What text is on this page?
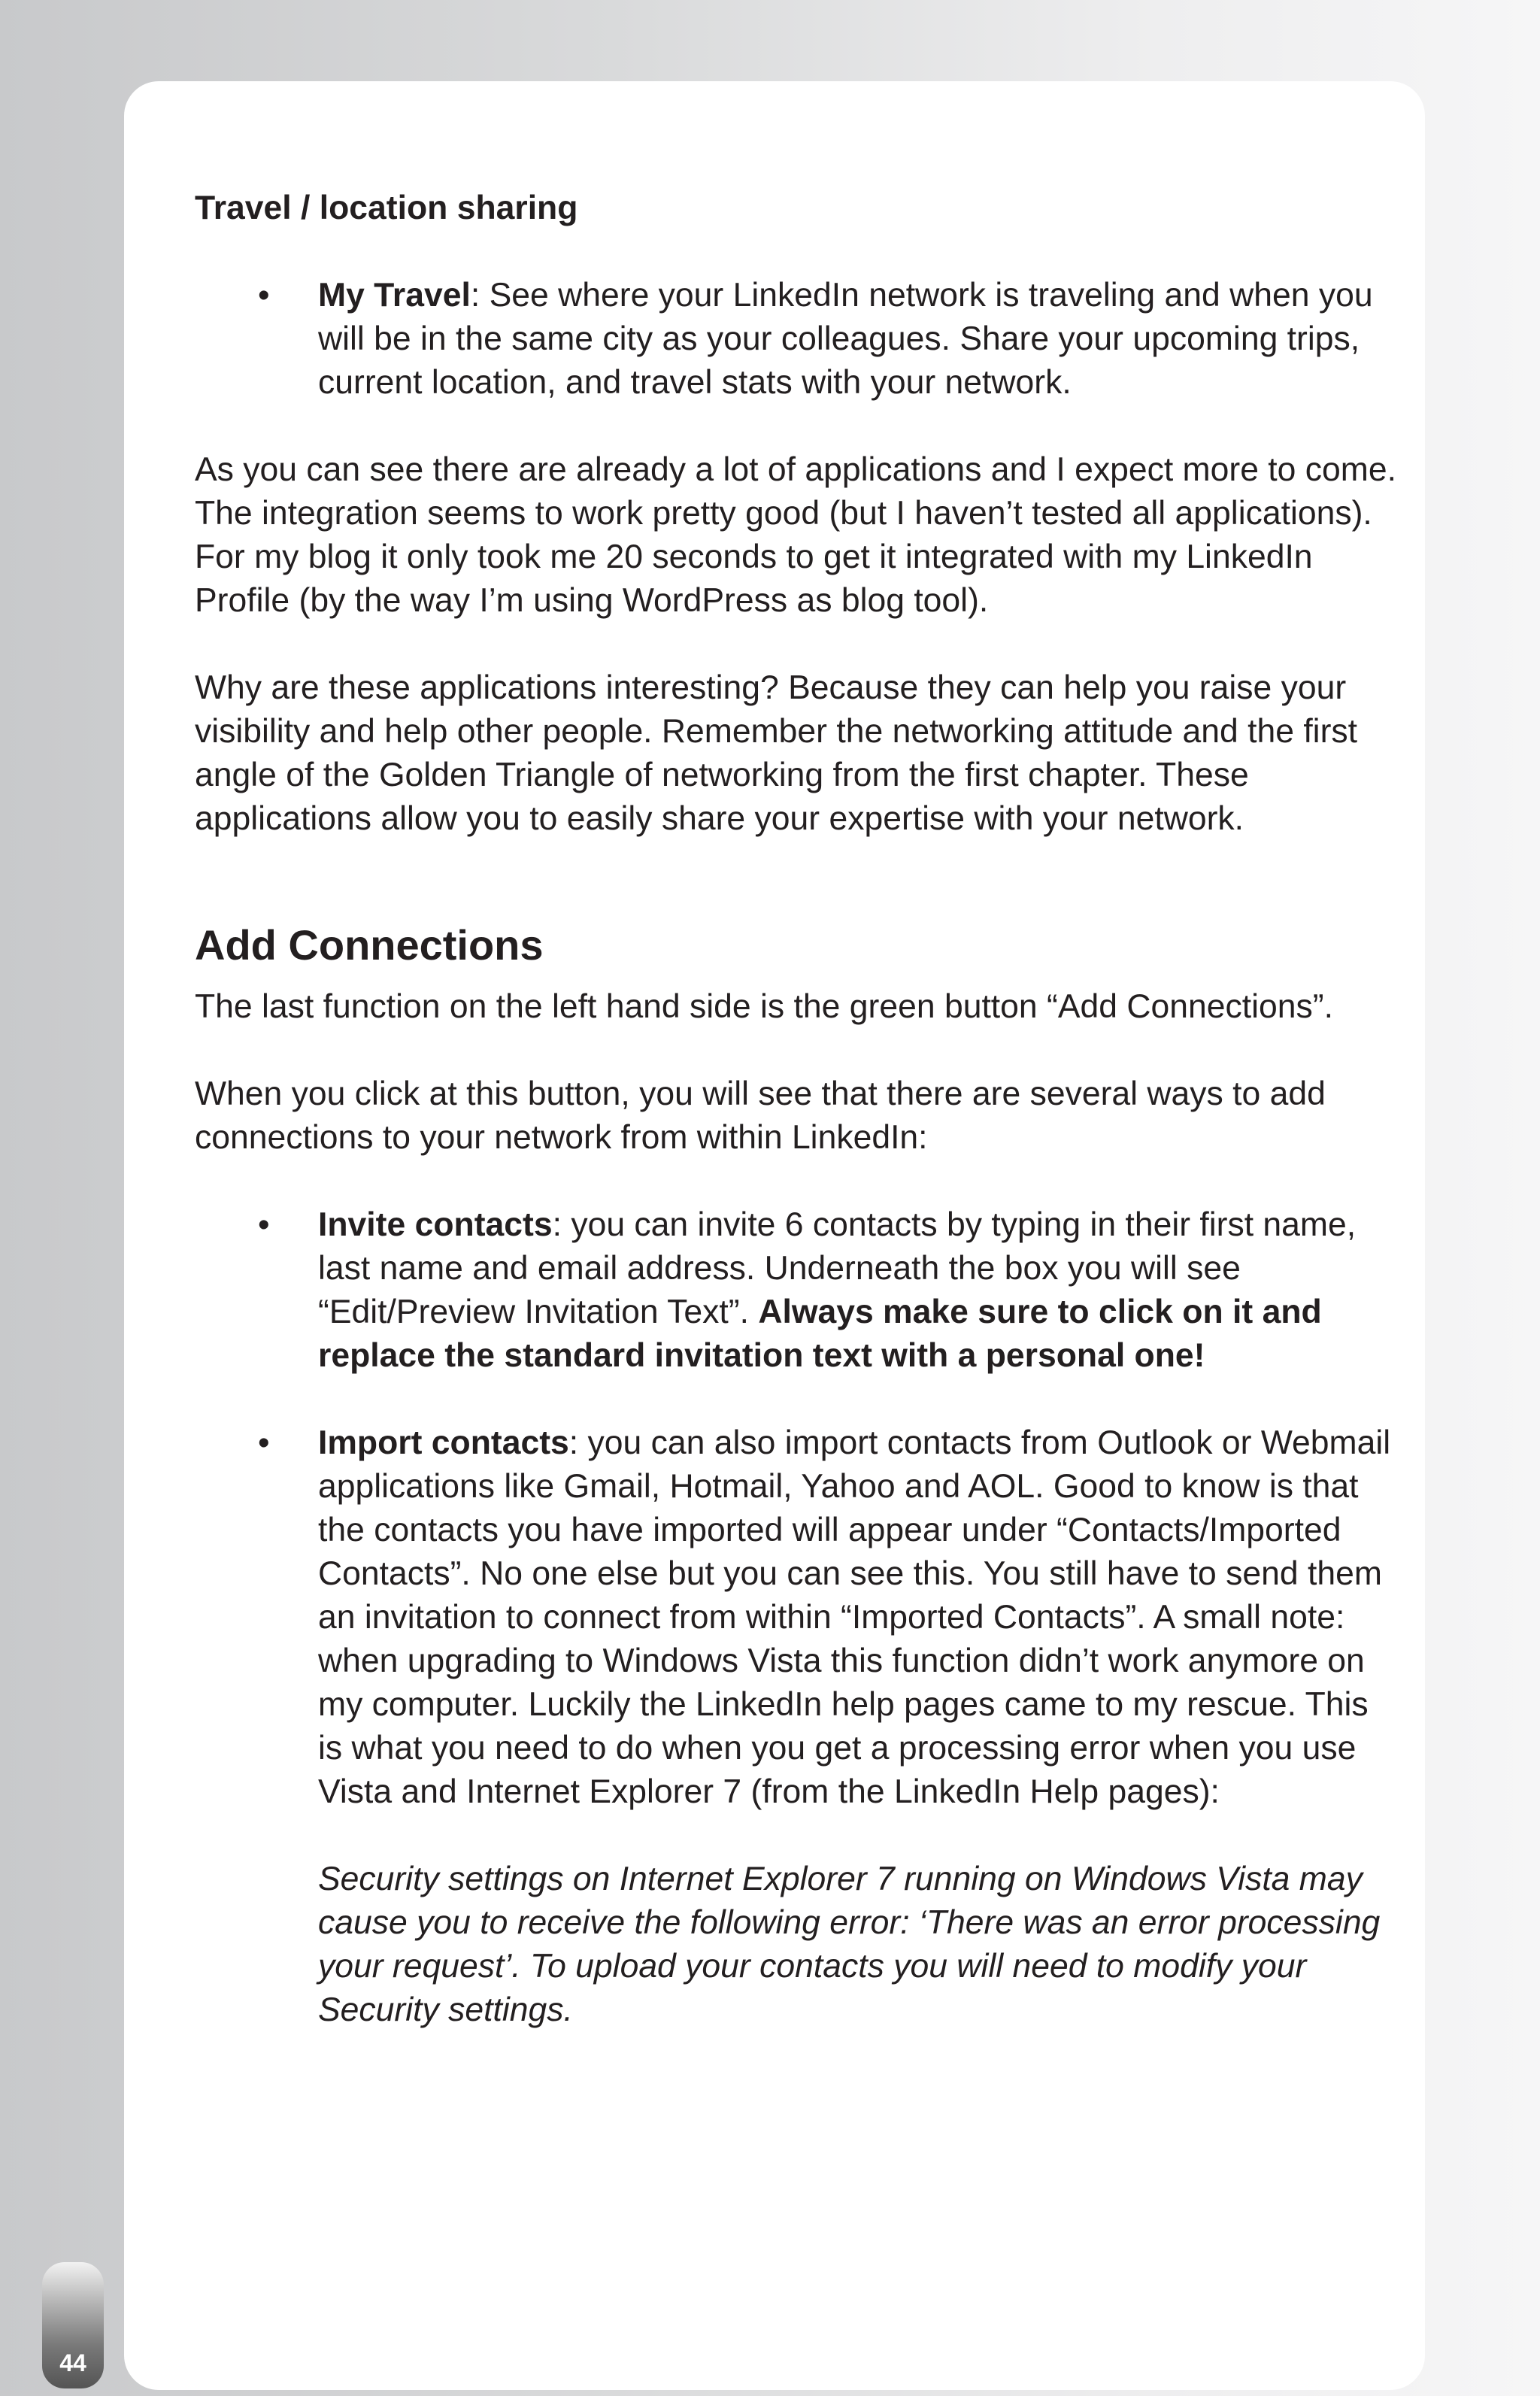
Travel / location sharing

• My Travel: See where your LinkedIn network is traveling and when you will be in the same city as your colleagues. Share your upcoming trips, current location, and travel stats with your network.

As you can see there are already a lot of applications and I expect more to come. The integration seems to work pretty good (but I haven’t tested all applications). For my blog it only took me 20 seconds to get it integrated with my LinkedIn Profile (by the way I’m using WordPress as blog tool).

Why are these applications interesting? Because they can help you raise your visibility and help other people. Remember the networking attitude and the first angle of the Golden Triangle of networking from the first chapter. These applications allow you to easily share your expertise with your network.

Add Connections

The last function on the left hand side is the green button “Add Connections”.

When you click at this button, you will see that there are several ways to add connections to your network from within LinkedIn:

• Invite contacts: you can invite 6 contacts by typing in their first name, last name and email address. Underneath the box you will see “Edit/Preview Invitation Text”. Always make sure to click on it and replace the standard invitation text with a personal one!
• Import contacts: you can also import contacts from Outlook or Webmail applications like Gmail, Hotmail, Yahoo and AOL. Good to know is that the contacts you have imported will appear under “Contacts/Imported Contacts”. No one else but you can see this. You still have to send them an invitation to connect from within “Imported Contacts”. A small note: when upgrading to Windows Vista this function didn’t work anymore on my computer. Luckily the LinkedIn help pages came to my rescue. This is what you need to do when you get a processing error when you use Vista and Internet Explorer 7 (from the LinkedIn Help pages):

Security settings on Internet Explorer 7 running on Windows Vista may cause you to receive the following error: ‘There was an error processing your request’. To upload your contacts you will need to modify your Security settings.

44
